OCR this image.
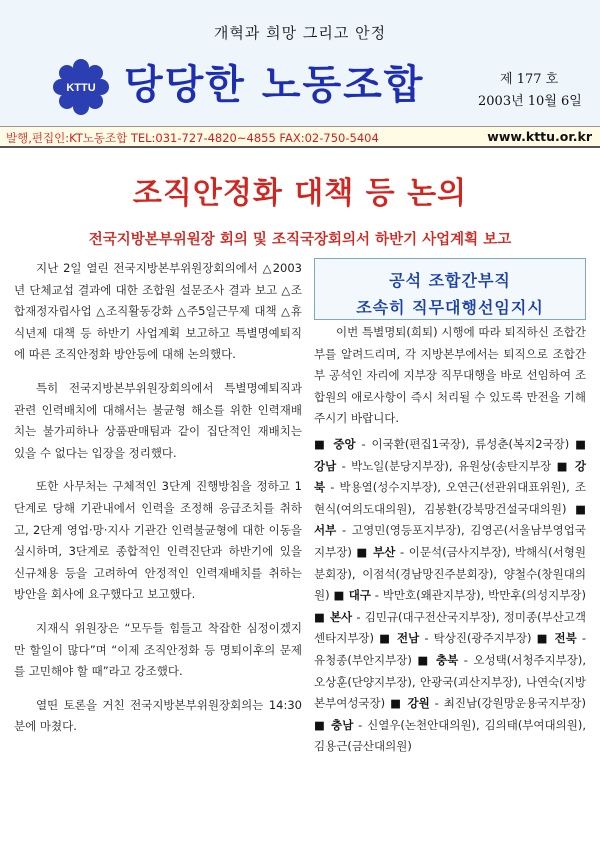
개혁과 희망 그리고 안정
KTTU 당당한 노동조합	제 177 호
2003년 10월 6일
발행,편집인:KT노동조합 TEL:031-727-4820~4855 FAX:02-750-5404	www.kttu.or.kr
조직안정화 대책 등 논의
전국지방본부위원장 회의 및 조직국장회의서 하반기 사업계획 보고

지난 2일 열린 전국지방본부위원장회의에서 △2003년 단체교섭 결과에 대한 조합원 설문조사 결과 보고 △조합재정자립사업 △조직활동강화 △주5일근무제 대책 △휴식년제 대책 등 하반기 사업계획 보고하고 특별명예퇴직에 따른 조직안정화 방안등에 대해 논의했다.

특히 전국지방본부위원장회의에서 특별명예퇴직과 관련 인력배치에 대해서는 불균형 해소를 위한 인력재배치는 불가피하나 상품판매팀과 같이 집단적인 재배치는 있을 수 없다는 입장을 정리했다.

또한 사무처는 구체적인 3단계 진행방침을 정하고 1단계로 당해 기관내에서 인력을 조정해 응급조치를 취하고, 2단계 영업·망·지사 기관간 인력불균형에 대한 이동을 실시하며, 3단계로 종합적인 인력진단과 하반기에 있을 신규채용 등을 고려하여 안정적인 인력재배치를 취하는 방안을 회사에 요구했다고 보고했다.

지재식 위원장은 “모두들 힘들고 착잡한 심정이겠지만 할일이 많다”며 “이제 조직안정화 등 명퇴이후의 문제를 고민해야 할 때”라고 강조했다.

열띤 토론을 거친 전국지방본부위원장회의는 14:30분에 마쳤다.

공석 조합간부직
조속히 직무대행선임지시

이번 특별명퇴(희퇴) 시행에 따라 퇴직하신 조합간부를 알려드리며, 각 지방본부에서는 퇴직으로 조합간부 공석인 자리에 지부장 직무대행을 바로 선임하여 조합원의 애로사항이 즉시 처리될 수 있도록 만전을 기해주시기 바랍니다.

■ 중앙 - 이국환(편집1국장), 류성춘(복지2국장) ■ 강남 - 박노일(분당지부장), 유원상(송탄지부장 ■ 강북 - 박용열(성수지부장), 오연근(선관위대표위원), 조현식(여의도대의원), 김봉환(강북망건설국대의원) ■ 서부 - 고영민(영등포지부장), 김영곤(서울남부영업국지부장) ■ 부산 - 이문석(금사지부장), 박해식(서형원분회장), 이점석(경남망진주분회장), 양철수(창원대의원) ■ 대구 - 박만호(왜관지부장), 박만후(의성지부장) ■ 본사 - 김민규(대구전산국지부장), 정미종(부산고객센타지부장) ■ 전남 - 탁상진(광주지부장) ■ 전북 - 유청종(부안지부장) ■ 충북 - 오성택(서청주지부장), 오상훈(단양지부장), 안광국(괴산지부장), 나연숙(지방본부여성국장) ■ 강원 - 최진남(강원망운용국지부장) ■ 충남 - 신열우(논천안대의원), 김의태(부여대의원), 김용근(금산대의원)
